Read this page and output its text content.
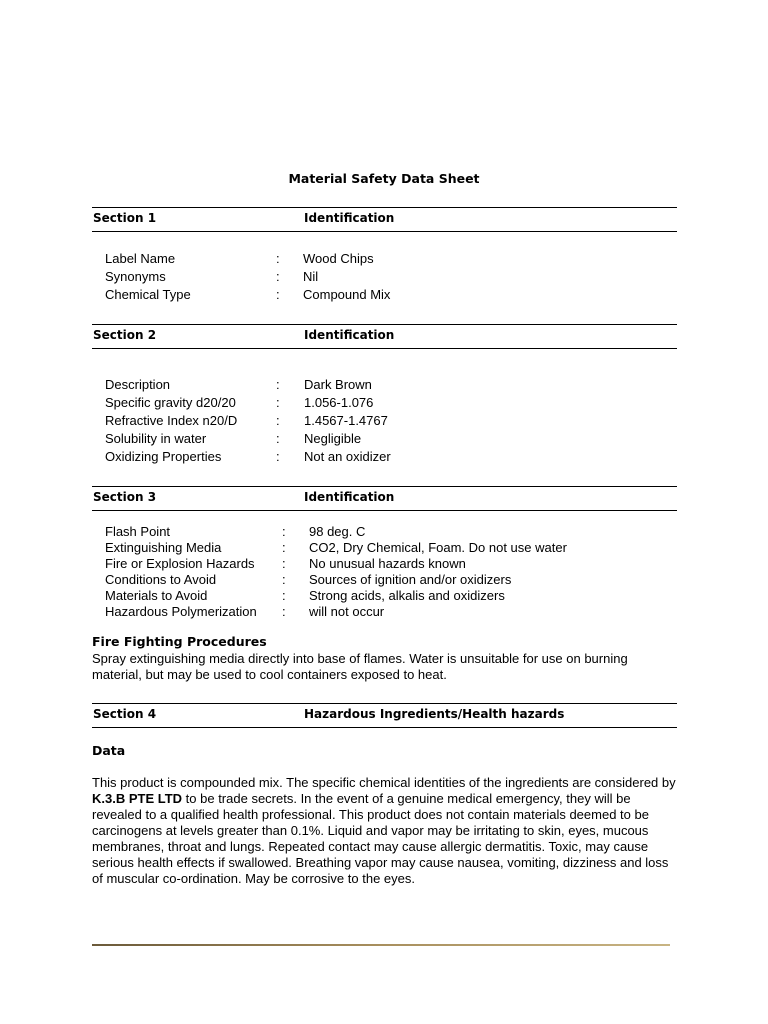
Material Safety Data Sheet
Section 1	Identification
Label Name	: Wood Chips
Synonyms	: Nil
Chemical Type	: Compound Mix
Section 2	Identification
Description	: Dark Brown
Specific gravity d20/20	: 1.056-1.076
Refractive Index n20/D	: 1.4567-1.4767
Solubility in water	: Negligible
Oxidizing Properties	: Not an oxidizer
Section 3	Identification
Flash Point	: 98 deg. C
Extinguishing Media	: CO2, Dry Chemical, Foam. Do not use water
Fire or Explosion Hazards : No unusual hazards known
Conditions to Avoid	: Sources of ignition and/or oxidizers
Materials to Avoid	: Strong acids, alkalis and oxidizers
Hazardous Polymerization : will not occur
Fire Fighting Procedures
Spray extinguishing media directly into base of flames. Water is unsuitable for use on burning material, but may be used to cool containers exposed to heat.
Section 4	Hazardous Ingredients/Health hazards
Data
This product is compounded mix. The specific chemical identities of the ingredients are considered by K.3.B PTE LTD to be trade secrets. In the event of a genuine medical emergency, they will be revealed to a qualified health professional. This product does not contain materials deemed to be carcinogens at levels greater than 0.1%. Liquid and vapor may be irritating to skin, eyes, mucous membranes, throat and lungs. Repeated contact may cause allergic dermatitis. Toxic, may cause serious health effects if swallowed. Breathing vapor may cause nausea, vomiting, dizziness and loss of muscular co-ordination. May be corrosive to the eyes.
